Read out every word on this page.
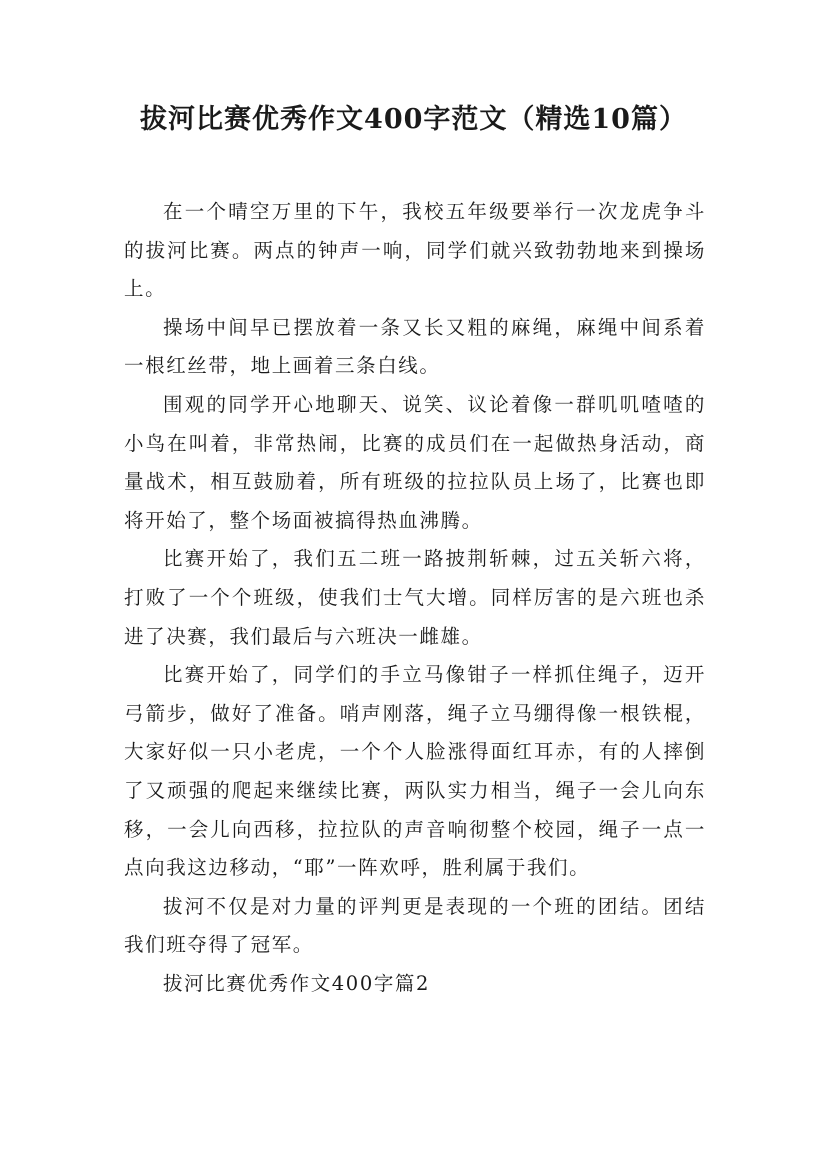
拔河比赛优秀作文400字范文（精选10篇）

在一个晴空万里的下午，我校五年级要举行一次龙虎争斗的拔河比赛。两点的钟声一响，同学们就兴致勃勃地来到操场上。

操场中间早已摆放着一条又长又粗的麻绳，麻绳中间系着一根红丝带，地上画着三条白线。

围观的同学开心地聊天、说笑、议论着像一群叽叽喳喳的小鸟在叫着，非常热闹，比赛的成员们在一起做热身活动，商量战术，相互鼓励着，所有班级的拉拉队员上场了，比赛也即将开始了，整个场面被搞得热血沸腾。

比赛开始了，我们五二班一路披荆斩棘，过五关斩六将，打败了一个个班级，使我们士气大增。同样厉害的是六班也杀进了决赛，我们最后与六班决一雌雄。

比赛开始了，同学们的手立马像钳子一样抓住绳子，迈开弓箭步，做好了准备。哨声刚落，绳子立马绷得像一根铁棍，大家好似一只小老虎，一个个人脸涨得面红耳赤，有的人摔倒了又顽强的爬起来继续比赛，两队实力相当，绳子一会儿向东移，一会儿向西移，拉拉队的声音响彻整个校园，绳子一点一点向我这边移动，“耶”一阵欢呼，胜利属于我们。

拔河不仅是对力量的评判更是表现的一个班的团结。团结我们班夺得了冠军。

拔河比赛优秀作文400字篇2
